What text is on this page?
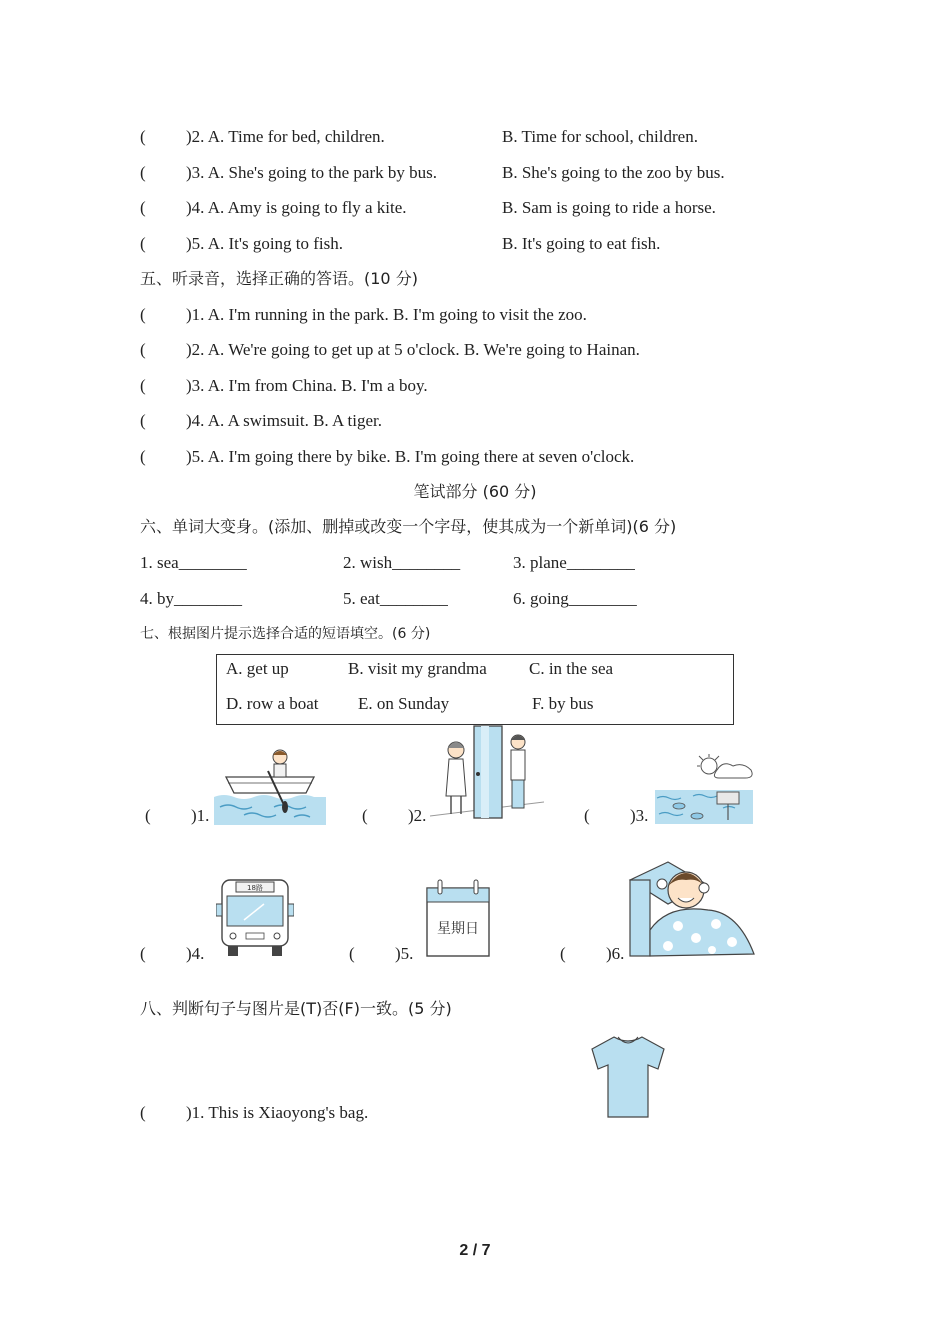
( )2. A. Time for bed, children.	B. Time for school, children.
( )3. A. She's going to the park by bus.	B. She's going to the zoo by bus.
( )4. A. Amy is going to fly a kite.	B. Sam is going to ride a horse.
( )5. A. It's going to fish.	B. It's going to eat fish.
五、听录音，选择正确的答语。(10 分)
( )1. A. I'm running in the park. B. I'm going to visit the zoo.
( )2. A. We're going to get up at 5 o'clock. B. We're going to Hainan.
( )3. A. I'm from China. B. I'm a boy.
( )4. A. A swimsuit. B. A tiger.
( )5. A. I'm going there by bike. B. I'm going there at seven o'clock.
笔试部分 (60 分)
六、单词大变身。(添加、删掉或改变一个字母，使其成为一个新单词)(6 分)
1. sea________	2. wish________	3. plane________
4. by________	5. eat________	6. going________
七、根据图片提示选择合适的短语填空。(6 分)
A. get up	B. visit my grandma C. in the sea
D. row a boat E. on Sunday	F. by bus
( )1.	( )2.	( )3.
( )4.
18路
( )5.
星期日
( )6.
八、判断句子与图片是(T)否(F)一致。(5 分)
( )1. This is Xiaoyong's bag.
2 / 7
